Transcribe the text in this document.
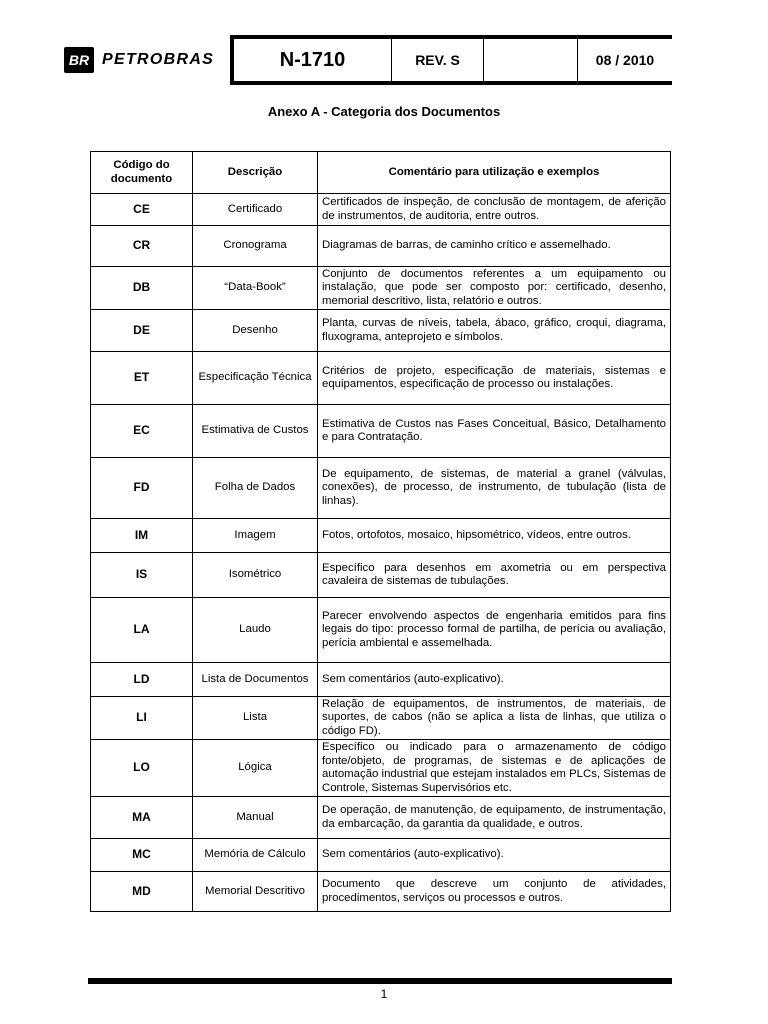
BR PETROBRAS	N-1710	REV. S	08 / 2010
Anexo A - Categoria dos Documentos
Código do documento	Descrição	Comentário para utilização e exemplos
CE	Certificado	Certificados de inspeção, de conclusão de montagem, de aferição de instrumentos, de auditoria, entre outros.
CR	Cronograma	Diagramas de barras, de caminho crítico e assemelhado.
DB	“Data-Book”	Conjunto de documentos referentes a um equipamento ou instalação, que pode ser composto por: certificado, desenho, memorial descritivo, lista, relatório e outros.
DE	Desenho	Planta, curvas de níveis, tabela, ábaco, gráfico, croqui, diagrama, fluxograma, anteprojeto e símbolos.
ET	Especificação Técnica	Critérios de projeto, especificação de materiais, sistemas e equipamentos, especificação de processo ou instalações.
EC	Estimativa de Custos	Estimativa de Custos nas Fases Conceitual, Básico, Detalhamento e para Contratação.
FD	Folha de Dados	De equipamento, de sistemas, de material a granel (válvulas, conexões), de processo, de instrumento, de tubulação (lista de linhas).
IM	Imagem	Fotos, ortofotos, mosaico, hipsométrico, vídeos, entre outros.
IS	Isométrico	Específico para desenhos em axometria ou em perspectiva cavaleira de sistemas de tubulações.
LA	Laudo	Parecer envolvendo aspectos de engenharia emitidos para fins legais do tipo: processo formal de partilha, de perícia ou avaliação, perícia ambiental e assemelhada.
LD	Lista de Documentos	Sem comentários (auto-explicativo).
LI	Lista	Relação de equipamentos, de instrumentos, de materiais, de suportes, de cabos (não se aplica a lista de linhas, que utiliza o código FD).
LO	Lógica	Específico ou indicado para o armazenamento de código fonte/objeto, de programas, de sistemas e de aplicações de automação industrial que estejam instalados em PLCs, Sistemas de Controle, Sistemas Supervisórios etc.
MA	Manual	De operação, de manutenção, de equipamento, de instrumentação, da embarcação, da garantia da qualidade, e outros.
MC	Memória de Cálculo	Sem comentários (auto-explicativo).
MD	Memorial Descritivo	Documento que descreve um conjunto de atividades, procedimentos, serviços ou processos e outros.
1
